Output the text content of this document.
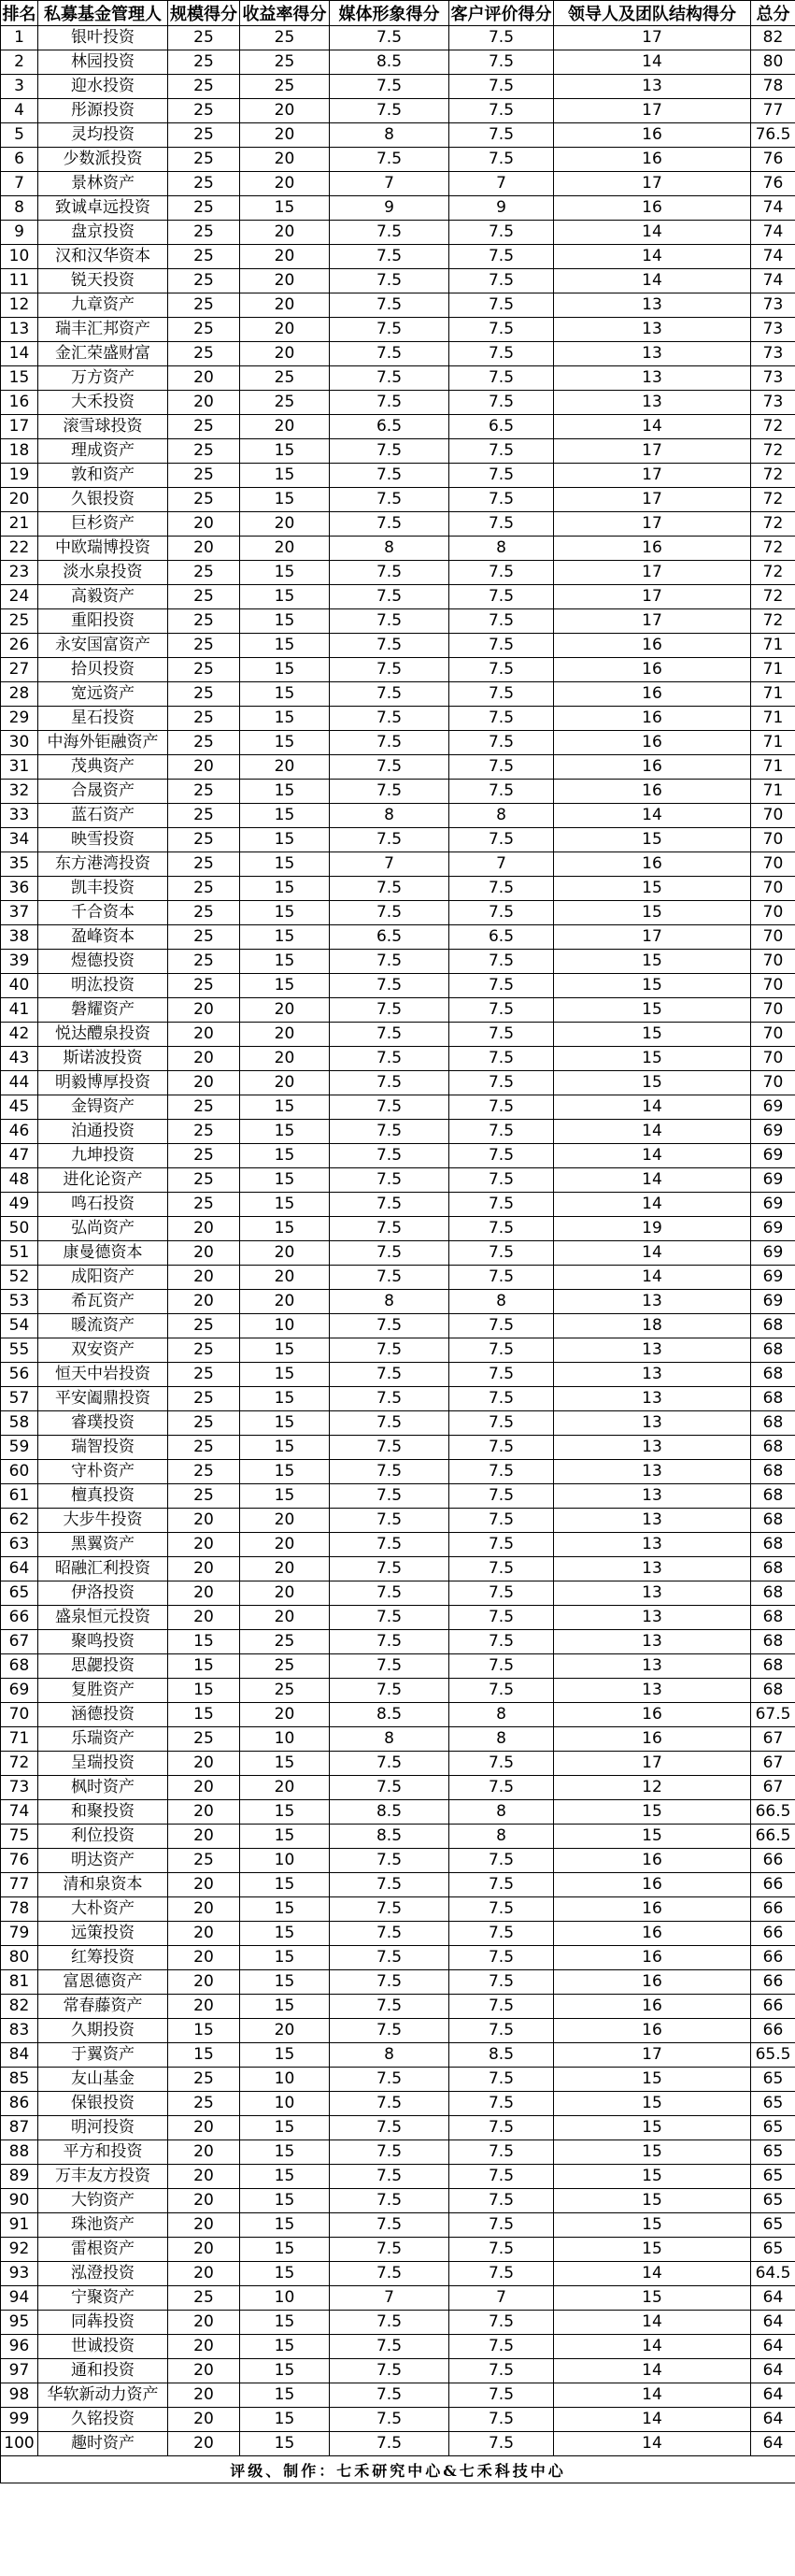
排名	私募基金管理人	规模得分	收益率得分	媒体形象得分	客户评价得分	领导人及团队结构得分	总分
1	银叶投资	25	25	7.5	7.5	17	82
2	林园投资	25	25	8.5	7.5	14	80
3	迎水投资	25	25	7.5	7.5	13	78
4	彤源投资	25	20	7.5	7.5	17	77
5	灵均投资	25	20	8	7.5	16	76.5
6	少数派投资	25	20	7.5	7.5	16	76
7	景林资产	25	20	7	7	17	76
8	致诚卓远投资	25	15	9	9	16	74
9	盘京投资	25	20	7.5	7.5	14	74
10	汉和汉华资本	25	20	7.5	7.5	14	74
11	锐天投资	25	20	7.5	7.5	14	74
12	九章资产	25	20	7.5	7.5	13	73
13	瑞丰汇邦资产	25	20	7.5	7.5	13	73
14	金汇荣盛财富	25	20	7.5	7.5	13	73
15	万方资产	20	25	7.5	7.5	13	73
16	大禾投资	20	25	7.5	7.5	13	73
17	滚雪球投资	25	20	6.5	6.5	14	72
18	理成资产	25	15	7.5	7.5	17	72
19	敦和资产	25	15	7.5	7.5	17	72
20	久银投资	25	15	7.5	7.5	17	72
21	巨杉资产	20	20	7.5	7.5	17	72
22	中欧瑞博投资	20	20	8	8	16	72
23	淡水泉投资	25	15	7.5	7.5	17	72
24	高毅资产	25	15	7.5	7.5	17	72
25	重阳投资	25	15	7.5	7.5	17	72
26	永安国富资产	25	15	7.5	7.5	16	71
27	拾贝投资	25	15	7.5	7.5	16	71
28	宽远资产	25	15	7.5	7.5	16	71
29	星石投资	25	15	7.5	7.5	16	71
30	中海外钜融资产	25	15	7.5	7.5	16	71
31	茂典资产	20	20	7.5	7.5	16	71
32	合晟资产	25	15	7.5	7.5	16	71
33	蓝石资产	25	15	8	8	14	70
34	映雪投资	25	15	7.5	7.5	15	70
35	东方港湾投资	25	15	7	7	16	70
36	凯丰投资	25	15	7.5	7.5	15	70
37	千合资本	25	15	7.5	7.5	15	70
38	盈峰资本	25	15	6.5	6.5	17	70
39	煜德投资	25	15	7.5	7.5	15	70
40	明汯投资	25	15	7.5	7.5	15	70
41	磐耀资产	20	20	7.5	7.5	15	70
42	悦达醴泉投资	20	20	7.5	7.5	15	70
43	斯诺波投资	20	20	7.5	7.5	15	70
44	明毅博厚投资	20	20	7.5	7.5	15	70
45	金锝资产	25	15	7.5	7.5	14	69
46	泊通投资	25	15	7.5	7.5	14	69
47	九坤投资	25	15	7.5	7.5	14	69
48	进化论资产	25	15	7.5	7.5	14	69
49	鸣石投资	25	15	7.5	7.5	14	69
50	弘尚资产	20	15	7.5	7.5	19	69
51	康曼德资本	20	20	7.5	7.5	14	69
52	成阳资产	20	20	7.5	7.5	14	69
53	希瓦资产	20	20	8	8	13	69
54	暖流资产	25	10	7.5	7.5	18	68
55	双安资产	25	15	7.5	7.5	13	68
56	恒天中岩投资	25	15	7.5	7.5	13	68
57	平安阖鼎投资	25	15	7.5	7.5	13	68
58	睿璞投资	25	15	7.5	7.5	13	68
59	瑞智投资	25	15	7.5	7.5	13	68
60	守朴资产	25	15	7.5	7.5	13	68
61	檀真投资	25	15	7.5	7.5	13	68
62	大步牛投资	20	20	7.5	7.5	13	68
63	黑翼资产	20	20	7.5	7.5	13	68
64	昭融汇利投资	20	20	7.5	7.5	13	68
65	伊洛投资	20	20	7.5	7.5	13	68
66	盛泉恒元投资	20	20	7.5	7.5	13	68
67	聚鸣投资	15	25	7.5	7.5	13	68
68	思勰投资	15	25	7.5	7.5	13	68
69	复胜资产	15	25	7.5	7.5	13	68
70	涵德投资	15	20	8.5	8	16	67.5
71	乐瑞资产	25	10	8	8	16	67
72	呈瑞投资	20	15	7.5	7.5	17	67
73	枫时资产	20	20	7.5	7.5	12	67
74	和聚投资	20	15	8.5	8	15	66.5
75	利位投资	20	15	8.5	8	15	66.5
76	明达资产	25	10	7.5	7.5	16	66
77	清和泉资本	20	15	7.5	7.5	16	66
78	大朴资产	20	15	7.5	7.5	16	66
79	远策投资	20	15	7.5	7.5	16	66
80	红筹投资	20	15	7.5	7.5	16	66
81	富恩德资产	20	15	7.5	7.5	16	66
82	常春藤资产	20	15	7.5	7.5	16	66
83	久期投资	15	20	7.5	7.5	16	66
84	于翼资产	15	15	8	8.5	17	65.5
85	友山基金	25	10	7.5	7.5	15	65
86	保银投资	25	10	7.5	7.5	15	65
87	明河投资	20	15	7.5	7.5	15	65
88	平方和投资	20	15	7.5	7.5	15	65
89	万丰友方投资	20	15	7.5	7.5	15	65
90	大钧资产	20	15	7.5	7.5	15	65
91	珠池资产	20	15	7.5	7.5	15	65
92	雷根资产	20	15	7.5	7.5	15	65
93	泓澄投资	20	15	7.5	7.5	14	64.5
94	宁聚资产	25	10	7	7	15	64
95	同犇投资	20	15	7.5	7.5	14	64
96	世诚投资	20	15	7.5	7.5	14	64
97	通和投资	20	15	7.5	7.5	14	64
98	华软新动力资产	20	15	7.5	7.5	14	64
99	久铭投资	20	15	7.5	7.5	14	64
100	趣时资产	20	15	7.5	7.5	14	64
评级、制作：七禾研究中心&七禾科技中心							
